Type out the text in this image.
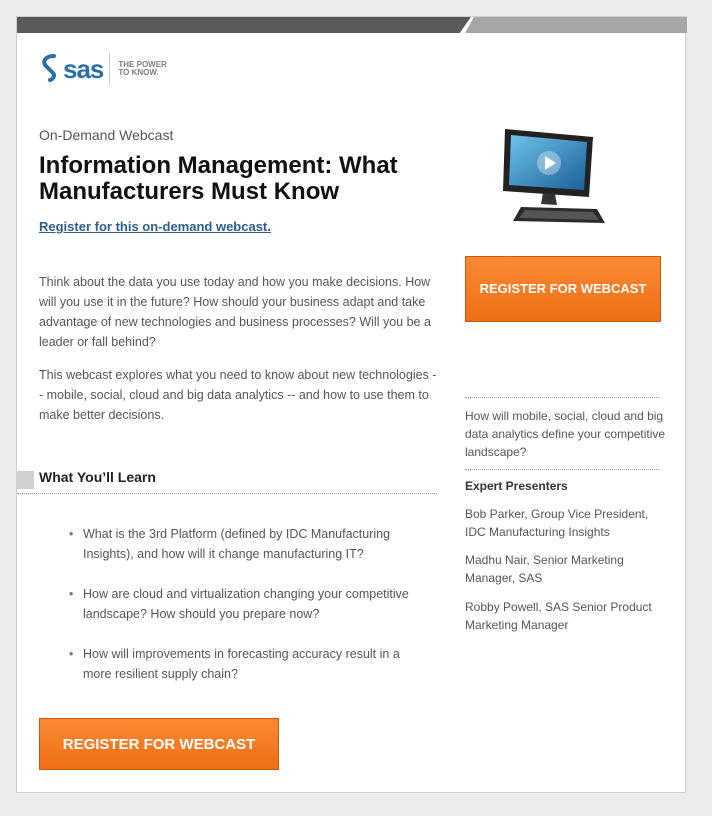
sas THE POWER TO KNOW.
On-Demand Webcast
Information Management: What Manufacturers Must Know
Register for this on-demand webcast.
Think about the data you use today and how you make decisions. How will you use it in the future? How should your business adapt and take advantage of new technologies and business processes? Will you be a leader or fall behind?
This webcast explores what you need to know about new technologies -- mobile, social, cloud and big data analytics -- and how to use them to make better decisions.
What You’ll Learn
• What is the 3rd Platform (defined by IDC Manufacturing Insights), and how will it change manufacturing IT?
• How are cloud and virtualization changing your competitive landscape? How should you prepare now?
• How will improvements in forecasting accuracy result in a more resilient supply chain?
REGISTER FOR WEBCAST
REGISTER FOR WEBCAST
How will mobile, social, cloud and big data analytics define your competitive landscape?
Expert Presenters
Bob Parker, Group Vice President, IDC Manufacturing Insights
Madhu Nair, Senior Marketing Manager, SAS
Robby Powell, SAS Senior Product Marketing Manager
